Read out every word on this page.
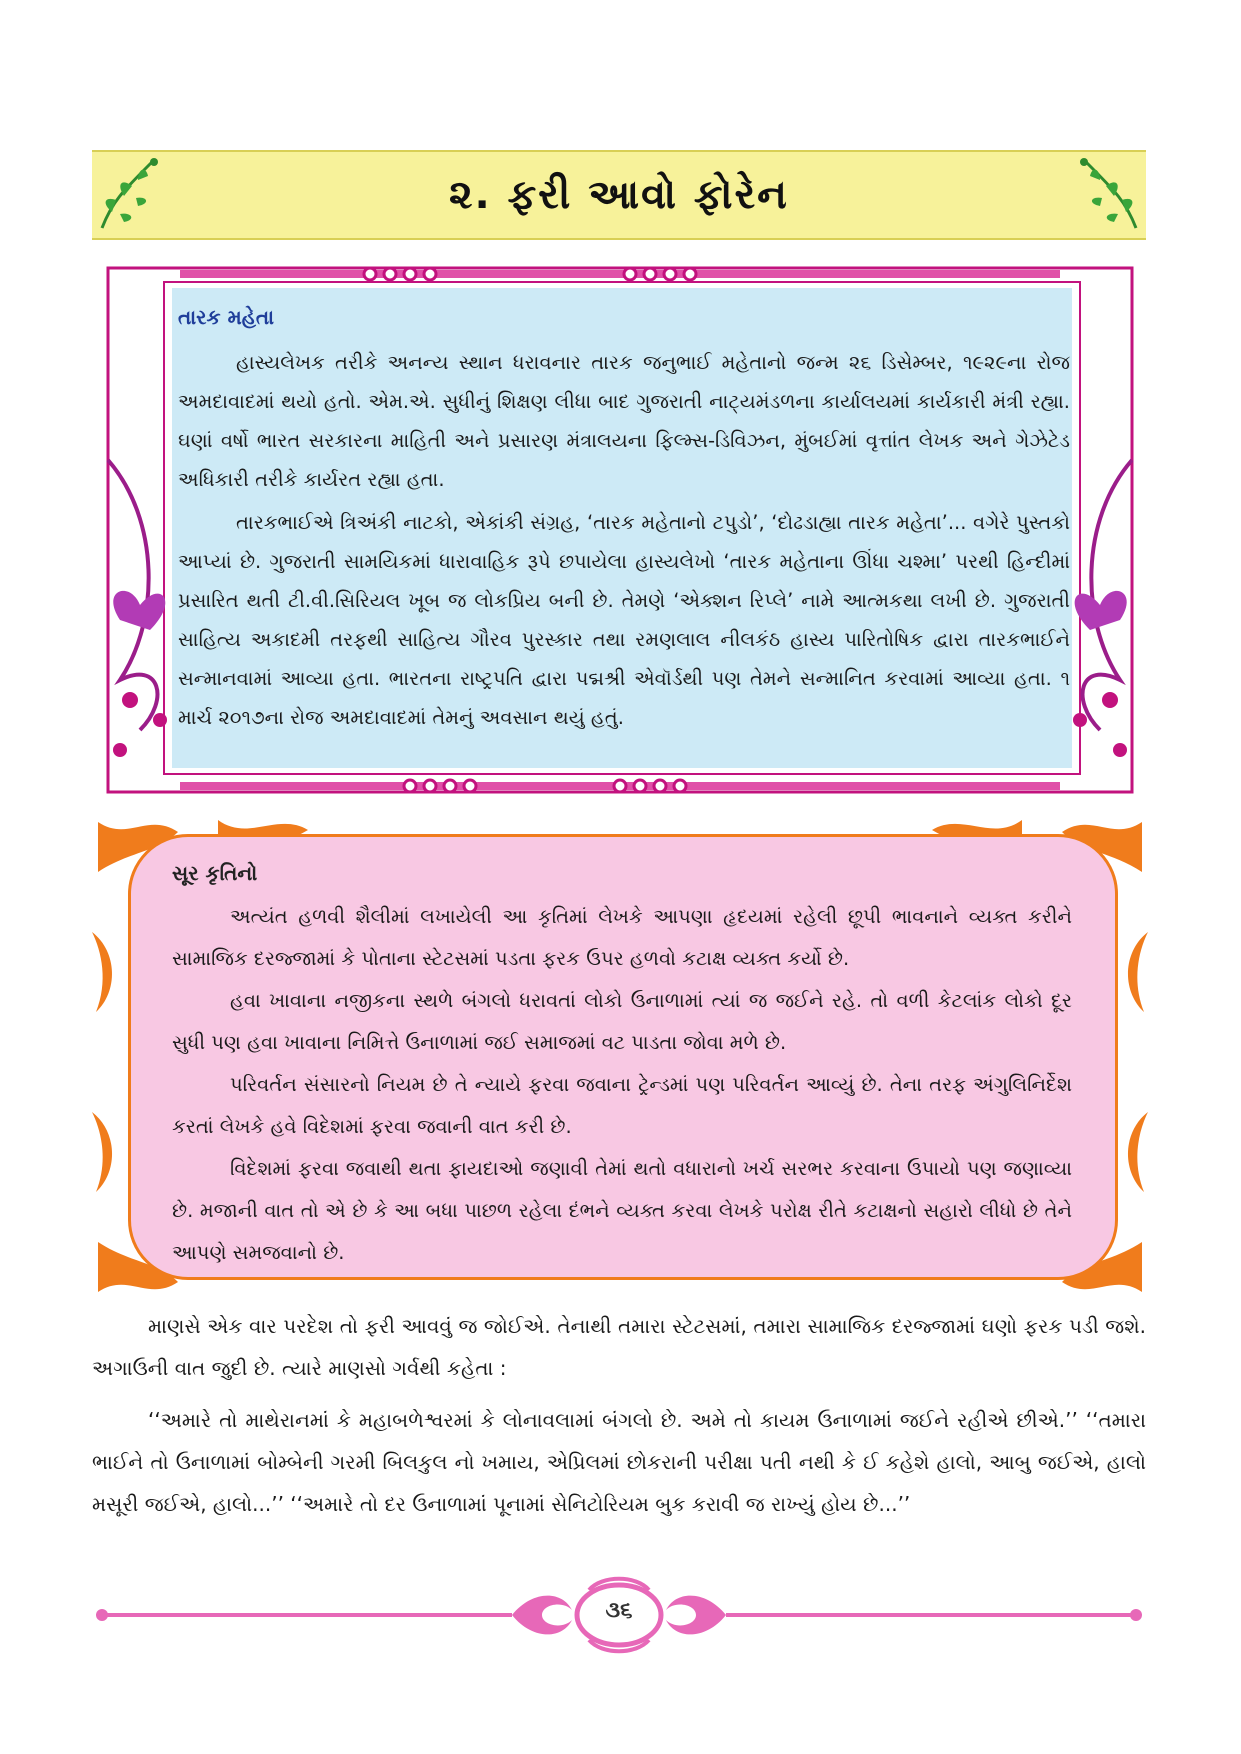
૨. ફરી આવો ફોરેન
તારક મહેતા

હાસ્યલેખક તરીકે અનન્ય સ્થાન ધરાવનાર તારક જનુભાઈ મહેતાનો જન્મ ૨૬ ડિસેમ્બર, ૧૯૨૯ના રોજ અમદાવાદમાં થયો હતો. એમ.એ. સુધીનું શિક્ષણ લીધા બાદ ગુજરાતી નાટ્યમંડળના કાર્યાલયમાં કાર્યકારી મંત્રી રહ્યા. ઘણાં વર્ષો ભારત સરકારના માહિતી અને પ્રસારણ મંત્રાલયના ફિલ્મ્સ-ડિવિઝન, મુંબઈમાં વૃત્તાંત લેખક અને ગેઝેટેડ અધિકારી તરીકે કાર્યરત રહ્યા હતા.

તારકભાઈએ ત્રિઅંકી નાટકો, એકાંકી સંગ્રહ, ‘તારક મહેતાનો ટપુડો’, ‘દોઢડાહ્યા તારક મહેતા’... વગેરે પુસ્તકો આપ્યાં છે. ગુજરાતી સામયિકમાં ધારાવાહિક રૂપે છપાયેલા હાસ્યલેખો ‘તારક મહેતાના ઊંધા ચશ્મા’ પરથી હિન્દીમાં પ્રસારિત થતી ટી.વી.સિરિયલ ખૂબ જ લોકપ્રિય બની છે. તેમણે ‘એક્શન રિપ્લે’ નામે આત્મકથા લખી છે. ગુજરાતી સાહિત્ય અકાદમી તરફથી સાહિત્ય ગૌરવ પુરસ્કાર તથા રમણલાલ નીલકંઠ હાસ્ય પારિતોષિક દ્વારા તારકભાઈને સન્માનવામાં આવ્યા હતા. ભારતના રાષ્ટ્રપતિ દ્વારા પદ્મશ્રી એવૉર્ડથી પણ તેમને સન્માનિત કરવામાં આવ્યા હતા. ૧ માર્ચ ૨૦૧૭ના રોજ અમદાવાદમાં તેમનું અવસાન થયું હતું.

સૂર કૃતિનો

અત્યંત હળવી શૈલીમાં લખાયેલી આ કૃતિમાં લેખકે આપણા હૃદયમાં રહેલી છૂપી ભાવનાને વ્યક્ત કરીને સામાજિક દરજ્જામાં કે પોતાના સ્ટેટસમાં પડતા ફરક ઉપર હળવો કટાક્ષ વ્યક્ત કર્યો છે.

હવા ખાવાના નજીકના સ્થળે બંગલો ધરાવતાં લોકો ઉનાળામાં ત્યાં જ જઈને રહે. તો વળી કેટલાંક લોકો દૂર સુધી પણ હવા ખાવાના નિમિત્તે ઉનાળામાં જઈ સમાજમાં વટ પાડતા જોવા મળે છે.

પરિવર્તન સંસારનો નિયમ છે તે ન્યાયે ફરવા જવાના ટ્રેન્ડમાં પણ પરિવર્તન આવ્યું છે. તેના તરફ અંગુલિનિર્દેશ કરતાં લેખકે હવે વિદેશમાં ફરવા જવાની વાત કરી છે.

વિદેશમાં ફરવા જવાથી થતા ફાયદાઓ જણાવી તેમાં થતો વધારાનો ખર્ચ સરભર કરવાના ઉપાયો પણ જણાવ્યા છે. મજાની વાત તો એ છે કે આ બધા પાછળ રહેલા દંભને વ્યક્ત કરવા લેખકે પરોક્ષ રીતે કટાક્ષનો સહારો લીધો છે તેને આપણે સમજવાનો છે.

માણસે એક વાર પરદેશ તો ફરી આવવું જ જોઈએ. તેનાથી તમારા સ્ટેટસમાં, તમારા સામાજિક દરજ્જામાં ઘણો ફરક પડી જશે. અગાઉની વાત જુદી છે. ત્યારે માણસો ગર્વથી કહેતા :

‘‘અમારે તો માથેરાનમાં કે મહાબળેશ્વરમાં કે લોનાવલામાં બંગલો છે. અમે તો કાયમ ઉનાળામાં જઈને રહીએ છીએ.’’ ‘‘તમારા ભાઈને તો ઉનાળામાં બોમ્બેની ગરમી બિલકુલ નો ખમાય, એપ્રિલમાં છોકરાની પરીક્ષા પતી નથી કે ઈ કહેશે હાલો, આબુ જઈએ, હાલો મસૂરી જઈએ, હાલો...’’ ‘‘અમારે તો દર ઉનાળામાં પૂનામાં સેનિટોરિયમ બુક કરાવી જ રાખ્યું હોય છે...’’

૩૬
